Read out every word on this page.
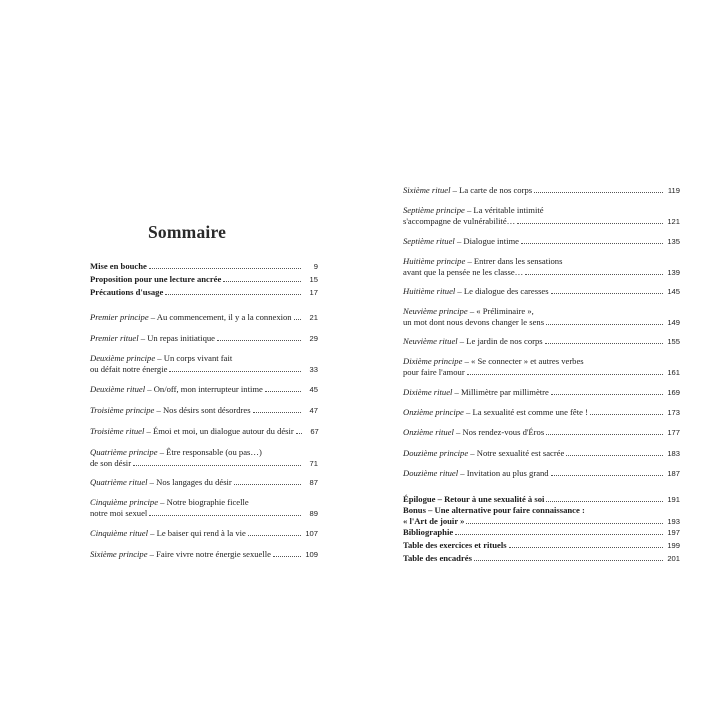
Sommaire
Mise en bouche	9
Proposition pour une lecture ancrée	15
Précautions d'usage	17
Premier principe – Au commencement, il y a la connexion	21
Premier rituel – Un repas initiatique	29
Deuxième principe – Un corps vivant fait
ou défait notre énergie	33
Deuxième rituel – On/off, mon interrupteur intime	45
Troisième principe – Nos désirs sont désordres	47
Troisième rituel – Émoi et moi, un dialogue autour du désir	67
Quatrième principe – Être responsable (ou pas…)
de son désir	71
Quatrième rituel – Nos langages du désir	87
Cinquième principe – Notre biographie ficelle
notre moi sexuel	89
Cinquième rituel – Le baiser qui rend à la vie	107
Sixième principe – Faire vivre notre énergie sexuelle	109
Sixième rituel – La carte de nos corps	119
Septième principe – La véritable intimité
s'accompagne de vulnérabilité…	121
Septième rituel – Dialogue intime	135
Huitième principe – Entrer dans les sensations
avant que la pensée ne les classe…	139
Huitième rituel – Le dialogue des caresses	145
Neuvième principe – « Préliminaire »,
un mot dont nous devons changer le sens	149
Neuvième rituel – Le jardin de nos corps	155
Dixième principe – « Se connecter » et autres verbes
pour faire l'amour	161
Dixième rituel – Millimètre par millimètre	169
Onzième principe – La sexualité est comme une fête !	173
Onzième rituel – Nos rendez-vous d'Éros	177
Douzième principe – Notre sexualité est sacrée	183
Douzième rituel – Invitation au plus grand	187
Épilogue – Retour à une sexualité à soi	191
Bonus – Une alternative pour faire connaissance :
« l'Art de jouir »	193
Bibliographie	197
Table des exercices et rituels	199
Table des encadrés	201
